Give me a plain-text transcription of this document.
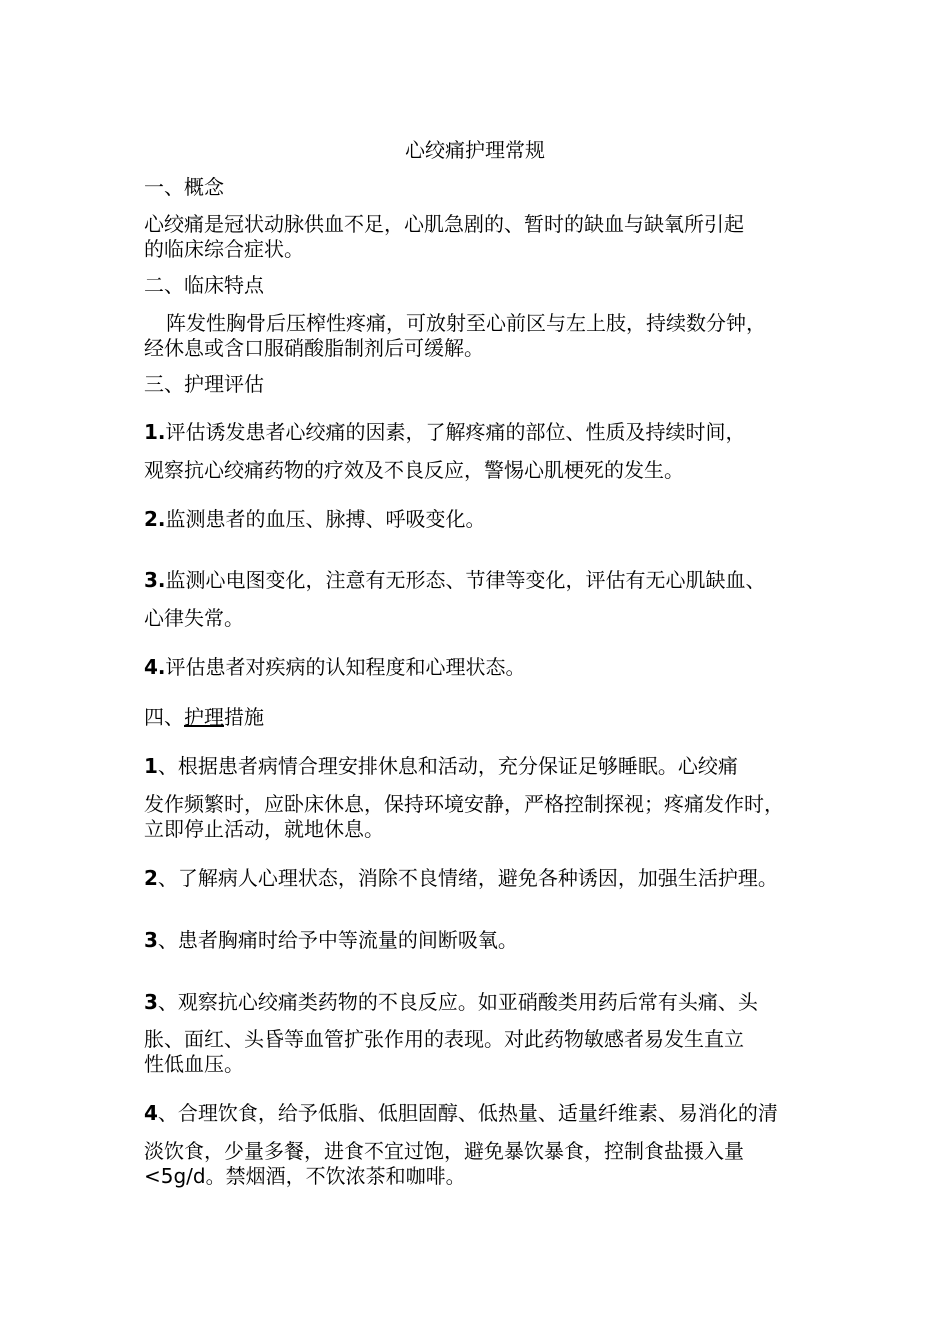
心绞痛护理常规
一、概念
心绞痛是冠状动脉供血不足，心肌急剧的、暂时的缺血与缺氧所引起
的临床综合症状。
二、临床特点
阵发性胸骨后压榨性疼痛，可放射至心前区与左上肢，持续数分钟，
经休息或含口服硝酸脂制剂后可缓解。
三、护理评估
1.评估诱发患者心绞痛的因素，了解疼痛的部位、性质及持续时间，
观察抗心绞痛药物的疗效及不良反应，警惕心肌梗死的发生。
2.监测患者的血压、脉搏、呼吸变化。
3.监测心电图变化，注意有无形态、节律等变化，评估有无心肌缺血、
心律失常。
4.评估患者对疾病的认知程度和心理状态。
四、护理措施
1、根据患者病情合理安排休息和活动，充分保证足够睡眠。心绞痛
发作频繁时，应卧床休息，保持环境安静，严格控制探视；疼痛发作时，
立即停止活动，就地休息。
2、了解病人心理状态，消除不良情绪，避免各种诱因，加强生活护理。
3、患者胸痛时给予中等流量的间断吸氧。
3、观察抗心绞痛类药物的不良反应。如亚硝酸类用药后常有头痛、头
胀、面红、头昏等血管扩张作用的表现。对此药物敏感者易发生直立
性低血压。
4、合理饮食，给予低脂、低胆固醇、低热量、适量纤维素、易消化的清
淡饮食，少量多餐，进食不宜过饱，避免暴饮暴食，控制食盐摄入量
<5g/d。禁烟酒，不饮浓茶和咖啡。
